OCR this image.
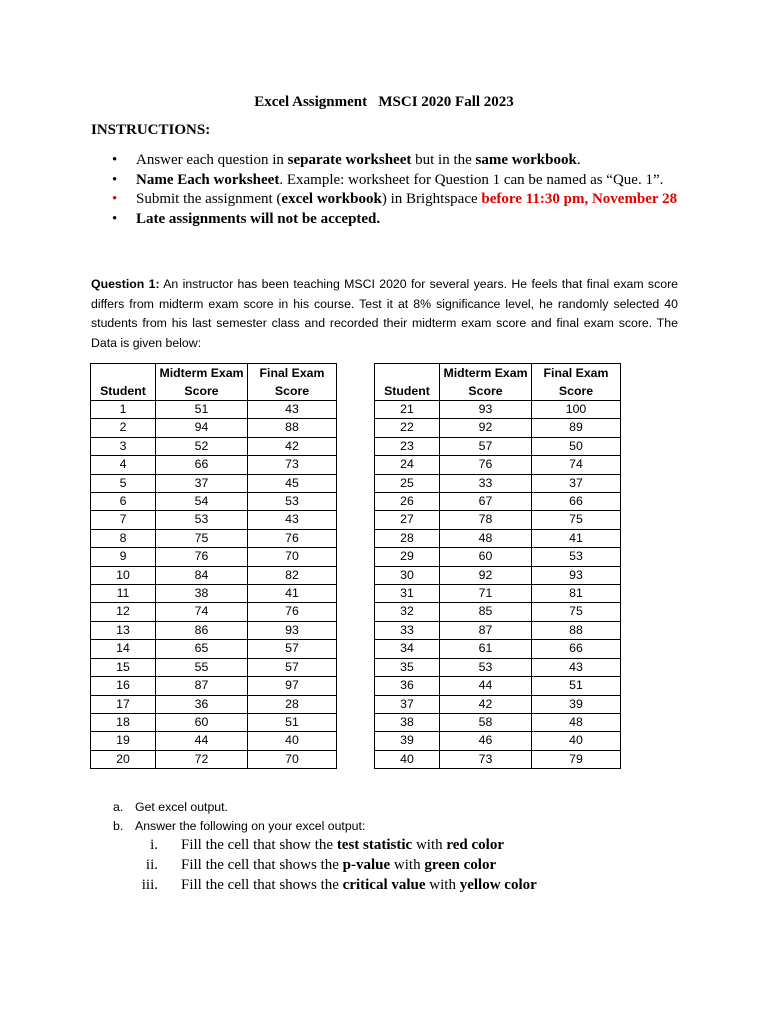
Excel Assignment   MSCI 2020 Fall 2023
INSTRUCTIONS:
• Answer each question in separate worksheet but in the same workbook.
• Name Each worksheet. Example: worksheet for Question 1 can be named as “Que. 1”.
• Submit the assignment (excel workbook) in Brightspace before 11:30 pm, November 28
• Late assignments will not be accepted.
Question 1: An instructor has been teaching MSCI 2020 for several years. He feels that final exam score differs from midterm exam score in his course. Test it at 8% significance level, he randomly selected 40 students from his last semester class and recorded their midterm exam score and final exam score. The Data is given below:
Student	Midterm Exam Score	Final Exam Score
1	51	43
2	94	88
3	52	42
4	66	73
5	37	45
6	54	53
7	53	43
8	75	76
9	76	70
10	84	82
11	38	41
12	74	76
13	86	93
14	65	57
15	55	57
16	87	97
17	36	28
18	60	51
19	44	40
20	72	70
Student	Midterm Exam Score	Final Exam Score
21	93	100
22	92	89
23	57	50
24	76	74
25	33	37
26	67	66
27	78	75
28	48	41
29	60	53
30	92	93
31	71	81
32	85	75
33	87	88
34	61	66
35	53	43
36	44	51
37	42	39
38	58	48
39	46	40
40	73	79
a. Get excel output.
b. Answer the following on your excel output:
i. Fill the cell that show the test statistic with red color
ii. Fill the cell that shows the p-value with green color
iii. Fill the cell that shows the critical value with yellow color
